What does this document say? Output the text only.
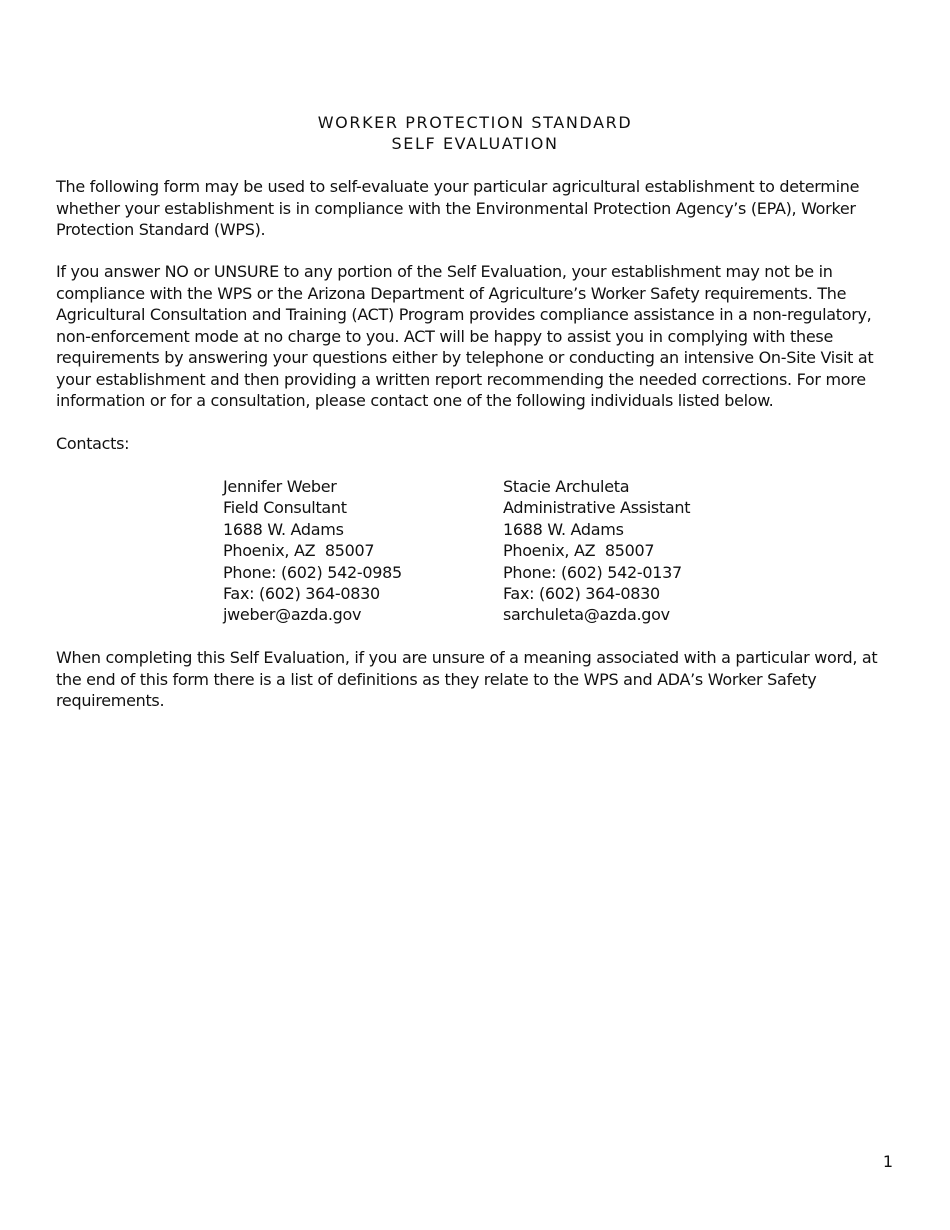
WORKER PROTECTION STANDARD
SELF EVALUATION

The following form may be used to self-evaluate your particular agricultural establishment to determine whether your establishment is in compliance with the Environmental Protection Agency’s (EPA), Worker Protection Standard (WPS).

If you answer NO or UNSURE to any portion of the Self Evaluation, your establishment may not be in compliance with the WPS or the Arizona Department of Agriculture’s Worker Safety requirements. The Agricultural Consultation and Training (ACT) Program provides compliance assistance in a non-regulatory, non-enforcement mode at no charge to you. ACT will be happy to assist you in complying with these requirements by answering your questions either by telephone or conducting an intensive On-Site Visit at your establishment and then providing a written report recommending the needed corrections. For more information or for a consultation, please contact one of the following individuals listed below.

Contacts:

Jennifer Weber
Field Consultant
1688 W. Adams
Phoenix, AZ  85007
Phone: (602) 542-0985
Fax: (602) 364-0830
jweber@azda.gov
Stacie Archuleta
Administrative Assistant
1688 W. Adams
Phoenix, AZ  85007
Phone: (602) 542-0137
Fax: (602) 364-0830
sarchuleta@azda.gov

When completing this Self Evaluation, if you are unsure of a meaning associated with a particular word, at the end of this form there is a list of definitions as they relate to the WPS and ADA’s Worker Safety requirements.

1
